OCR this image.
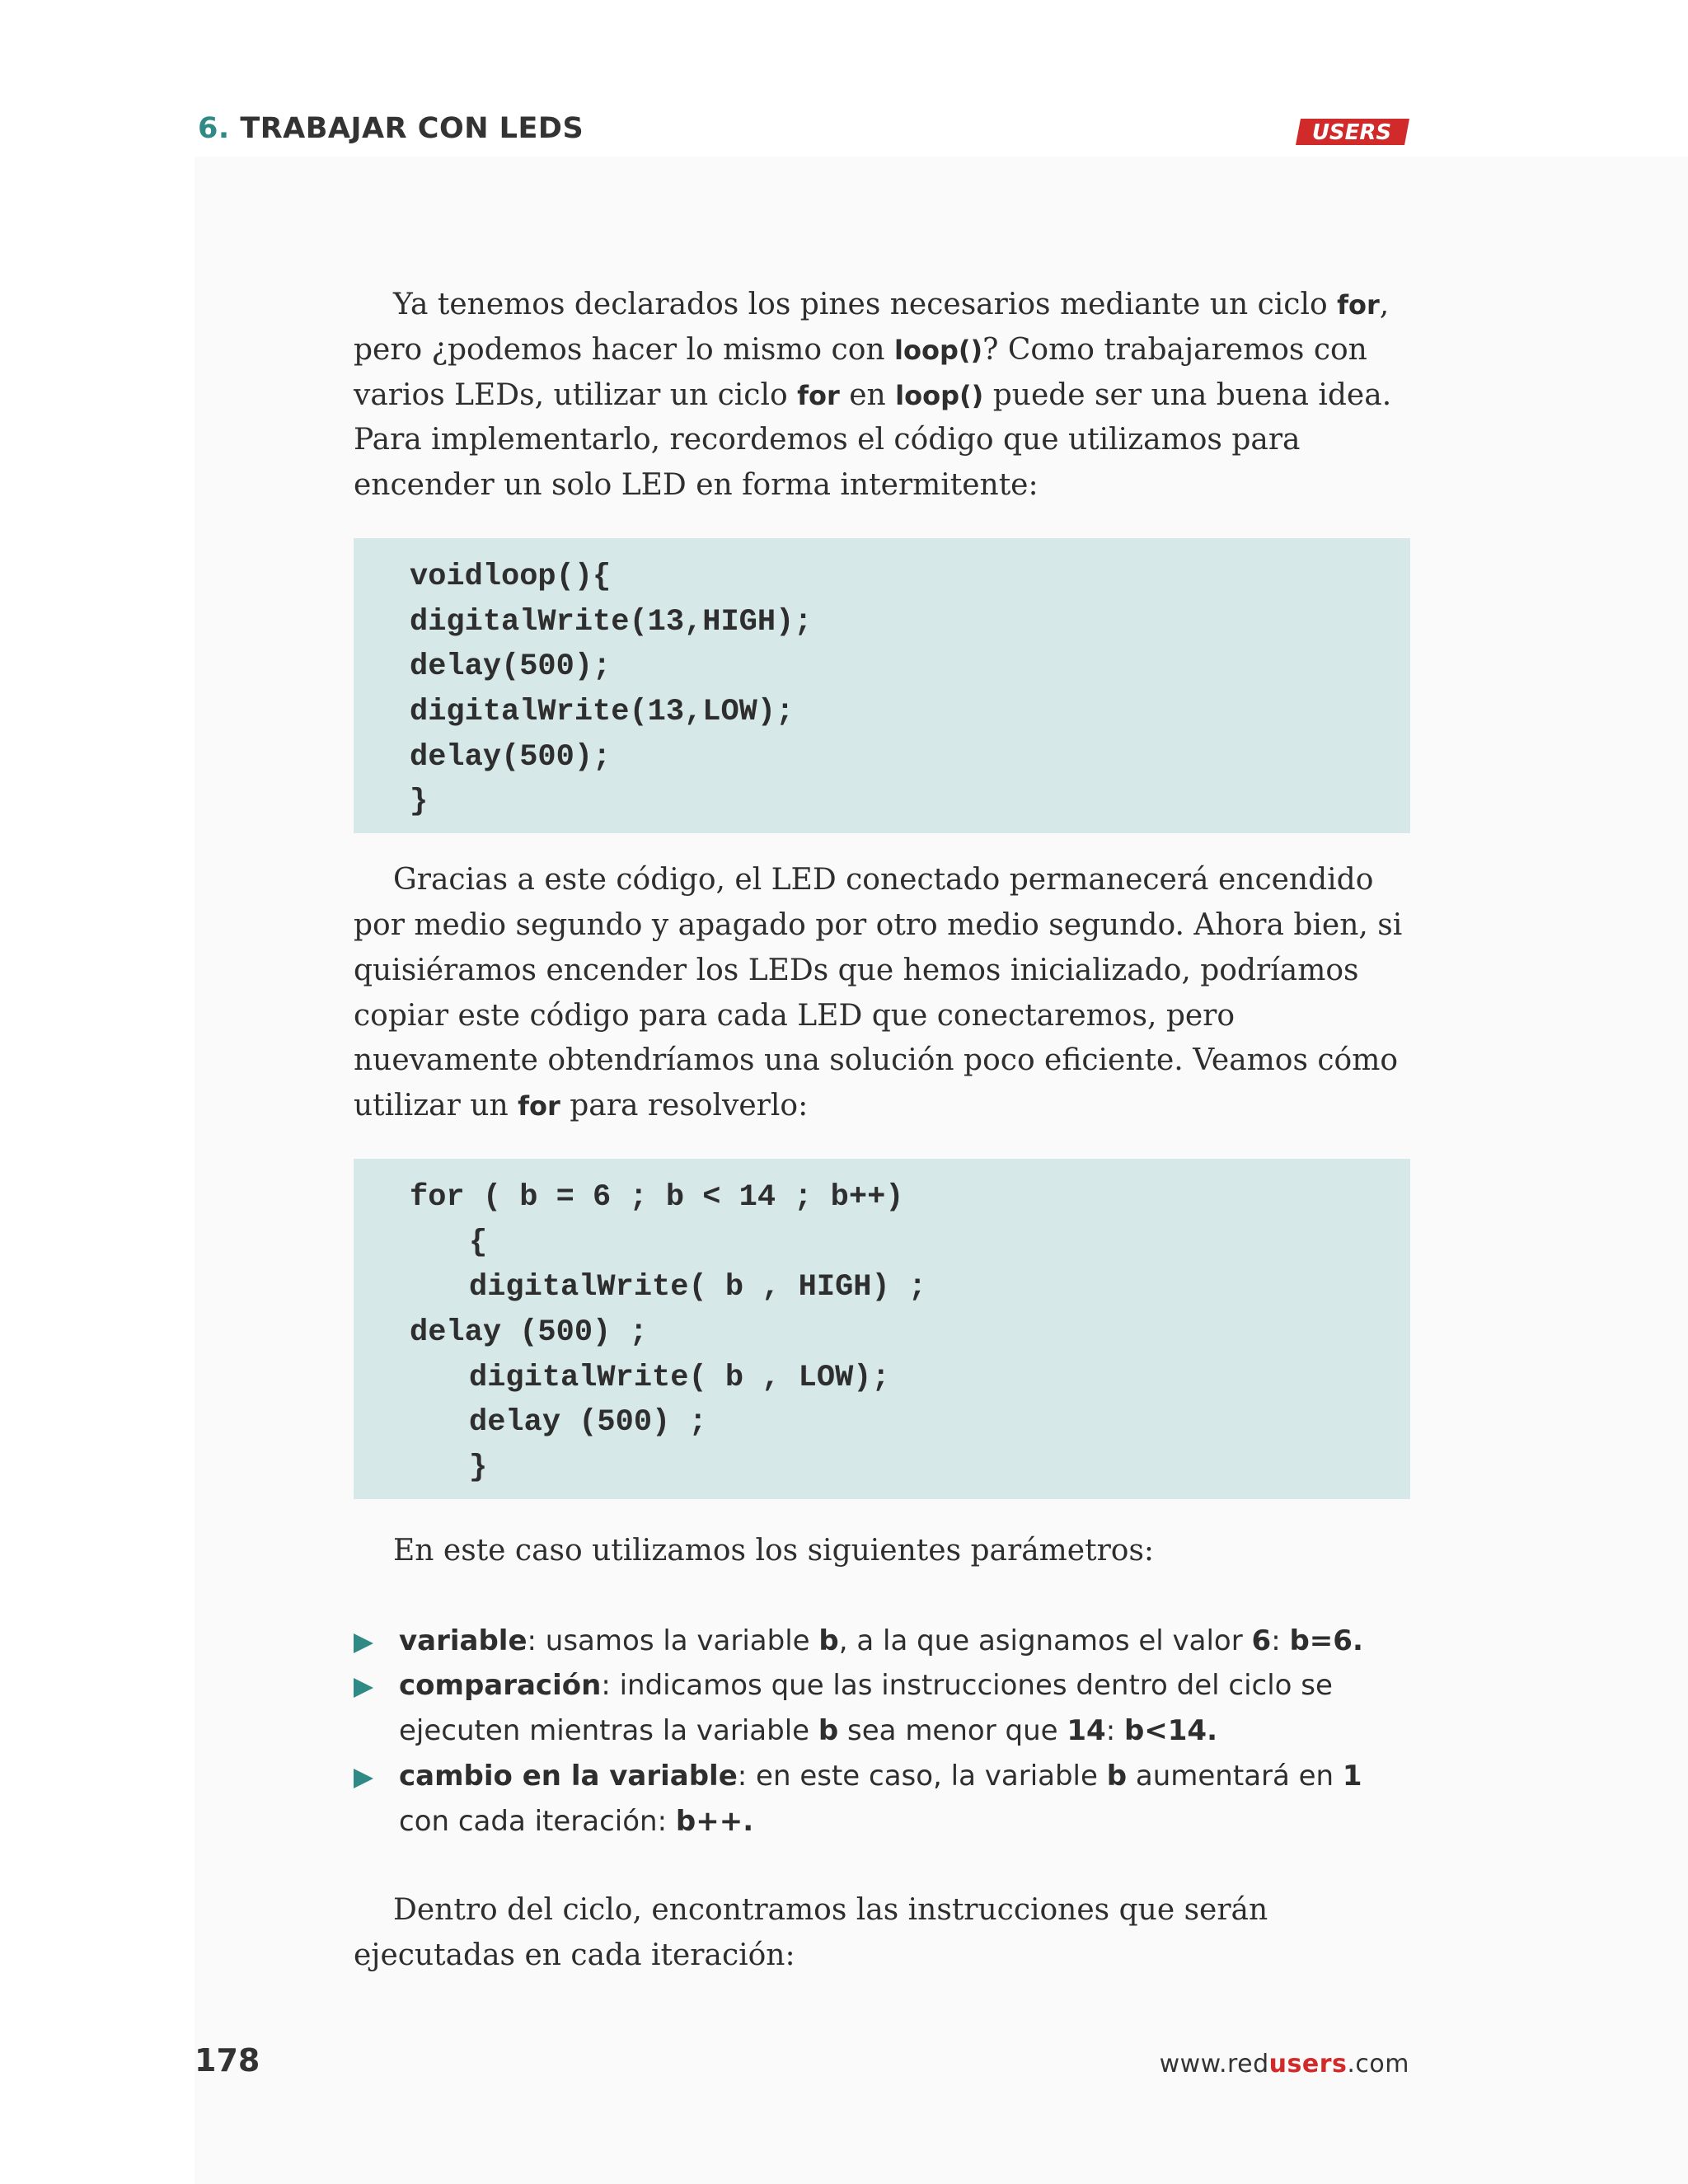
6. TRABAJAR CON LEDS	USERS

Ya tenemos declarados los pines necesarios mediante un ciclo for, pero ¿podemos hacer lo mismo con loop()? Como trabajaremos con varios LEDs, utilizar un ciclo for en loop() puede ser una buena idea. Para implementarlo, recordemos el código que utilizamos para encender un solo LED en forma intermitente:

voidloop(){
digitalWrite(13,HIGH);
delay(500);
digitalWrite(13,LOW);
delay(500);
}

Gracias a este código, el LED conectado permanecerá encendido por medio segundo y apagado por otro medio segundo. Ahora bien, si quisiéramos encender los LEDs que hemos inicializado, podríamos copiar este código para cada LED que conectaremos, pero nuevamente obtendríamos una solución poco eficiente. Veamos cómo utilizar un for para resolverlo:

for ( b = 6 ; b < 14 ; b++)
{
digitalWrite( b , HIGH) ;
delay (500) ;
digitalWrite( b , LOW);
delay (500) ;
}

En este caso utilizamos los siguientes parámetros:

variable: usamos la variable b, a la que asignamos el valor 6: b=6.
comparación: indicamos que las instrucciones dentro del ciclo se ejecuten mientras la variable b sea menor que 14: b<14.
cambio en la variable: en este caso, la variable b aumentará en 1 con cada iteración: b++.

Dentro del ciclo, encontramos las instrucciones que serán ejecutadas en cada iteración:

178	www.redusers.com
